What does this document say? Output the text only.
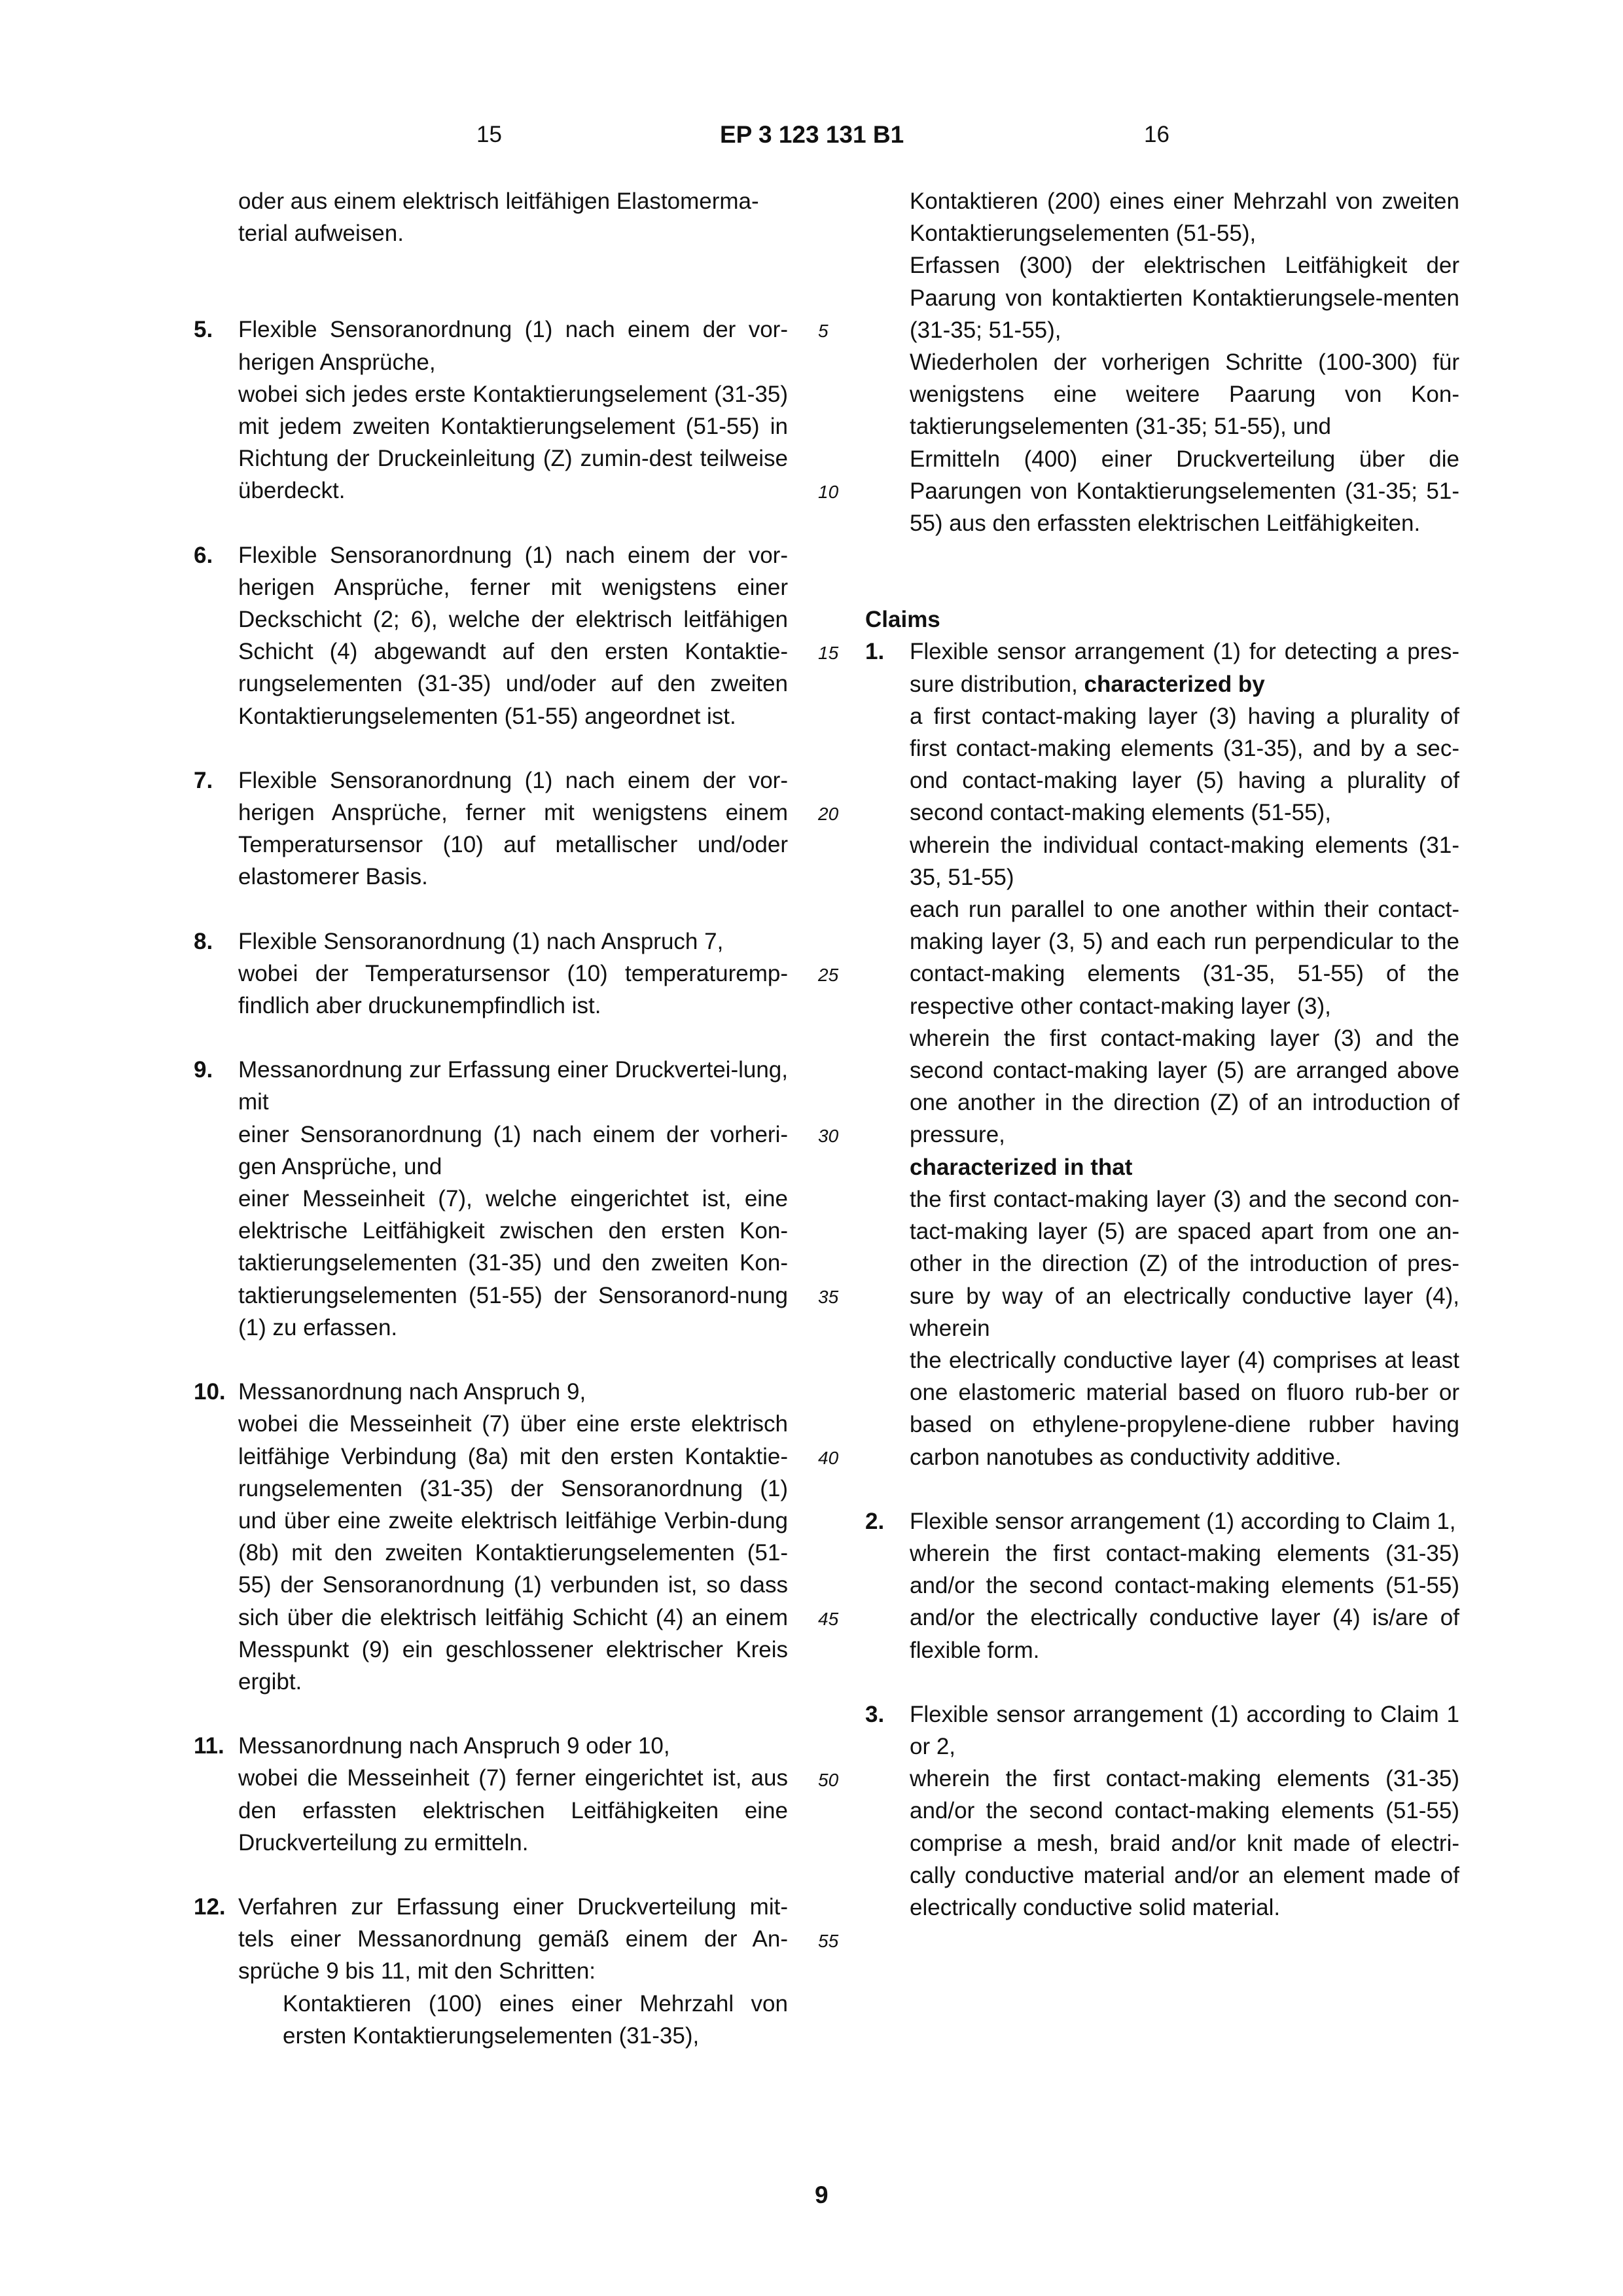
15	EP 3 123 131 B1	16

oder aus einem elektrisch leitfähigen Elastomerma-

terial aufweisen.

5. Flexible Sensoranordnung (1) nach einem der vor-herigen Ansprüche,

wobei sich jedes erste Kontaktierungselement (31-35) mit jedem zweiten Kontaktierungselement (51-55) in Richtung der Druckeinleitung (Z) zumin-dest teilweise überdeckt.

6. Flexible Sensoranordnung (1) nach einem der vor-herigen Ansprüche, ferner mit wenigstens einer Deckschicht (2; 6), welche der elektrisch leitfähigen Schicht (4) abgewandt auf den ersten Kontaktie-rungselementen (31-35) und/oder auf den zweiten Kontaktierungselementen (51-55) angeordnet ist.

7. Flexible Sensoranordnung (1) nach einem der vor-herigen Ansprüche, ferner mit wenigstens einem Temperatursensor (10) auf metallischer und/oder elastomerer Basis.

8. Flexible Sensoranordnung (1) nach Anspruch 7,

wobei der Temperatursensor (10) temperaturemp-findlich aber druckunempfindlich ist.

9. Messanordnung zur Erfassung einer Druckvertei-lung, mit

einer Sensoranordnung (1) nach einem der vorheri-gen Ansprüche, und

einer Messeinheit (7), welche eingerichtet ist, eine elektrische Leitfähigkeit zwischen den ersten Kon-taktierungselementen (31-35) und den zweiten Kon-taktierungselementen (51-55) der Sensoranord-nung (1) zu erfassen.

10. Messanordnung nach Anspruch 9,

wobei die Messeinheit (7) über eine erste elektrisch leitfähige Verbindung (8a) mit den ersten Kontaktie-rungselementen (31-35) der Sensoranordnung (1) und über eine zweite elektrisch leitfähige Verbin-dung (8b) mit den zweiten Kontaktierungselementen (51-55) der Sensoranordnung (1) verbunden ist, so dass sich über die elektrisch leitfähig Schicht (4) an einem Messpunkt (9) ein geschlossener elektrischer Kreis ergibt.

11. Messanordnung nach Anspruch 9 oder 10,

wobei die Messeinheit (7) ferner eingerichtet ist, aus den erfassten elektrischen Leitfähigkeiten eine Druckverteilung zu ermitteln.

12. Verfahren zur Erfassung einer Druckverteilung mit-tels einer Messanordnung gemäß einem der An-sprüche 9 bis 11, mit den Schritten:

Kontaktieren (100) eines einer Mehrzahl von ersten Kontaktierungselementen (31-35),

5
10
15
20
25
30
35
40
45
50
55

Kontaktieren (200) eines einer Mehrzahl von zweiten Kontaktierungselementen (51-55),

Erfassen (300) der elektrischen Leitfähigkeit der Paarung von kontaktierten Kontaktierungsele-menten (31-35; 51-55),

Wiederholen der vorherigen Schritte (100-300) für wenigstens eine weitere Paarung von Kon-taktierungselementen (31-35; 51-55), und

Ermitteln (400) einer Druckverteilung über die Paarungen von Kontaktierungselementen (31-35; 51-55) aus den erfassten elektrischen Leitfähigkeiten.

Claims

1. Flexible sensor arrangement (1) for detecting a pres-sure distribution, characterized by

a first contact-making layer (3) having a plurality of first contact-making elements (31-35), and by a sec-ond contact-making layer (5) having a plurality of second contact-making elements (51-55),

wherein the individual contact-making elements (31-35, 51-55)

each run parallel to one another within their contact-making layer (3, 5) and each run perpendicular to the contact-making elements (31-35, 51-55) of the respective other contact-making layer (3),

wherein the first contact-making layer (3) and the second contact-making layer (5) are arranged above one another in the direction (Z) of an introduction of pressure,

characterized in that

the first contact-making layer (3) and the second con-tact-making layer (5) are spaced apart from one an-other in the direction (Z) of the introduction of pres-sure by way of an electrically conductive layer (4), wherein

the electrically conductive layer (4) comprises at least one elastomeric material based on fluoro rub-ber or based on ethylene-propylene-diene rubber having carbon nanotubes as conductivity additive.

2. Flexible sensor arrangement (1) according to Claim 1,

wherein the first contact-making elements (31-35) and/or the second contact-making elements (51-55) and/or the electrically conductive layer (4) is/are of flexible form.

3. Flexible sensor arrangement (1) according to Claim 1 or 2,

wherein the first contact-making elements (31-35) and/or the second contact-making elements (51-55) comprise a mesh, braid and/or knit made of electri-cally conductive material and/or an element made of electrically conductive solid material.

9
